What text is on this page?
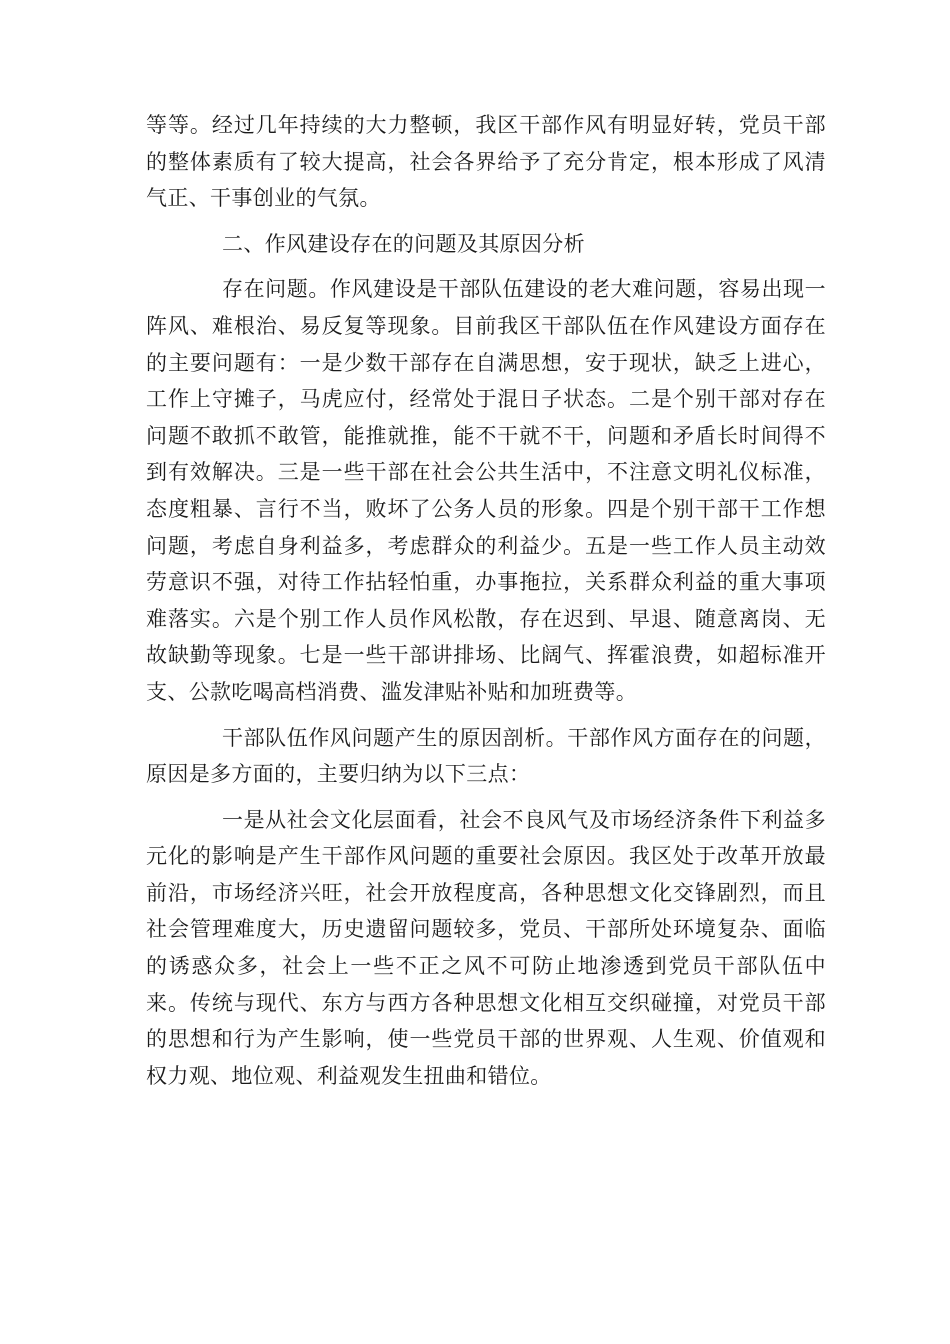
等等。经过几年持续的大力整顿，我区干部作风有明显好转，党员干部的整体素质有了较大提高，社会各界给予了充分肯定，根本形成了风清气正、干事创业的气氛。

二、作风建设存在的问题及其原因分析

存在问题。作风建设是干部队伍建设的老大难问题，容易出现一阵风、难根治、易反复等现象。目前我区干部队伍在作风建设方面存在的主要问题有：一是少数干部存在自满思想，安于现状，缺乏上进心，工作上守摊子，马虎应付，经常处于混日子状态。二是个别干部对存在问题不敢抓不敢管，能推就推，能不干就不干，问题和矛盾长时间得不到有效解决。三是一些干部在社会公共生活中，不注意文明礼仪标准，态度粗暴、言行不当，败坏了公务人员的形象。四是个别干部干工作想问题，考虑自身利益多，考虑群众的利益少。五是一些工作人员主动效劳意识不强，对待工作拈轻怕重，办事拖拉，关系群众利益的重大事项难落实。六是个别工作人员作风松散，存在迟到、早退、随意离岗、无故缺勤等现象。七是一些干部讲排场、比阔气、挥霍浪费，如超标准开支、公款吃喝高档消费、滥发津贴补贴和加班费等。

干部队伍作风问题产生的原因剖析。干部作风方面存在的问题，原因是多方面的，主要归纳为以下三点：

一是从社会文化层面看，社会不良风气及市场经济条件下利益多元化的影响是产生干部作风问题的重要社会原因。我区处于改革开放最前沿，市场经济兴旺，社会开放程度高，各种思想文化交锋剧烈，而且社会管理难度大，历史遗留问题较多，党员、干部所处环境复杂、面临的诱惑众多，社会上一些不正之风不可防止地渗透到党员干部队伍中来。传统与现代、东方与西方各种思想文化相互交织碰撞，对党员干部的思想和行为产生影响，使一些党员干部的世界观、人生观、价值观和权力观、地位观、利益观发生扭曲和错位。
